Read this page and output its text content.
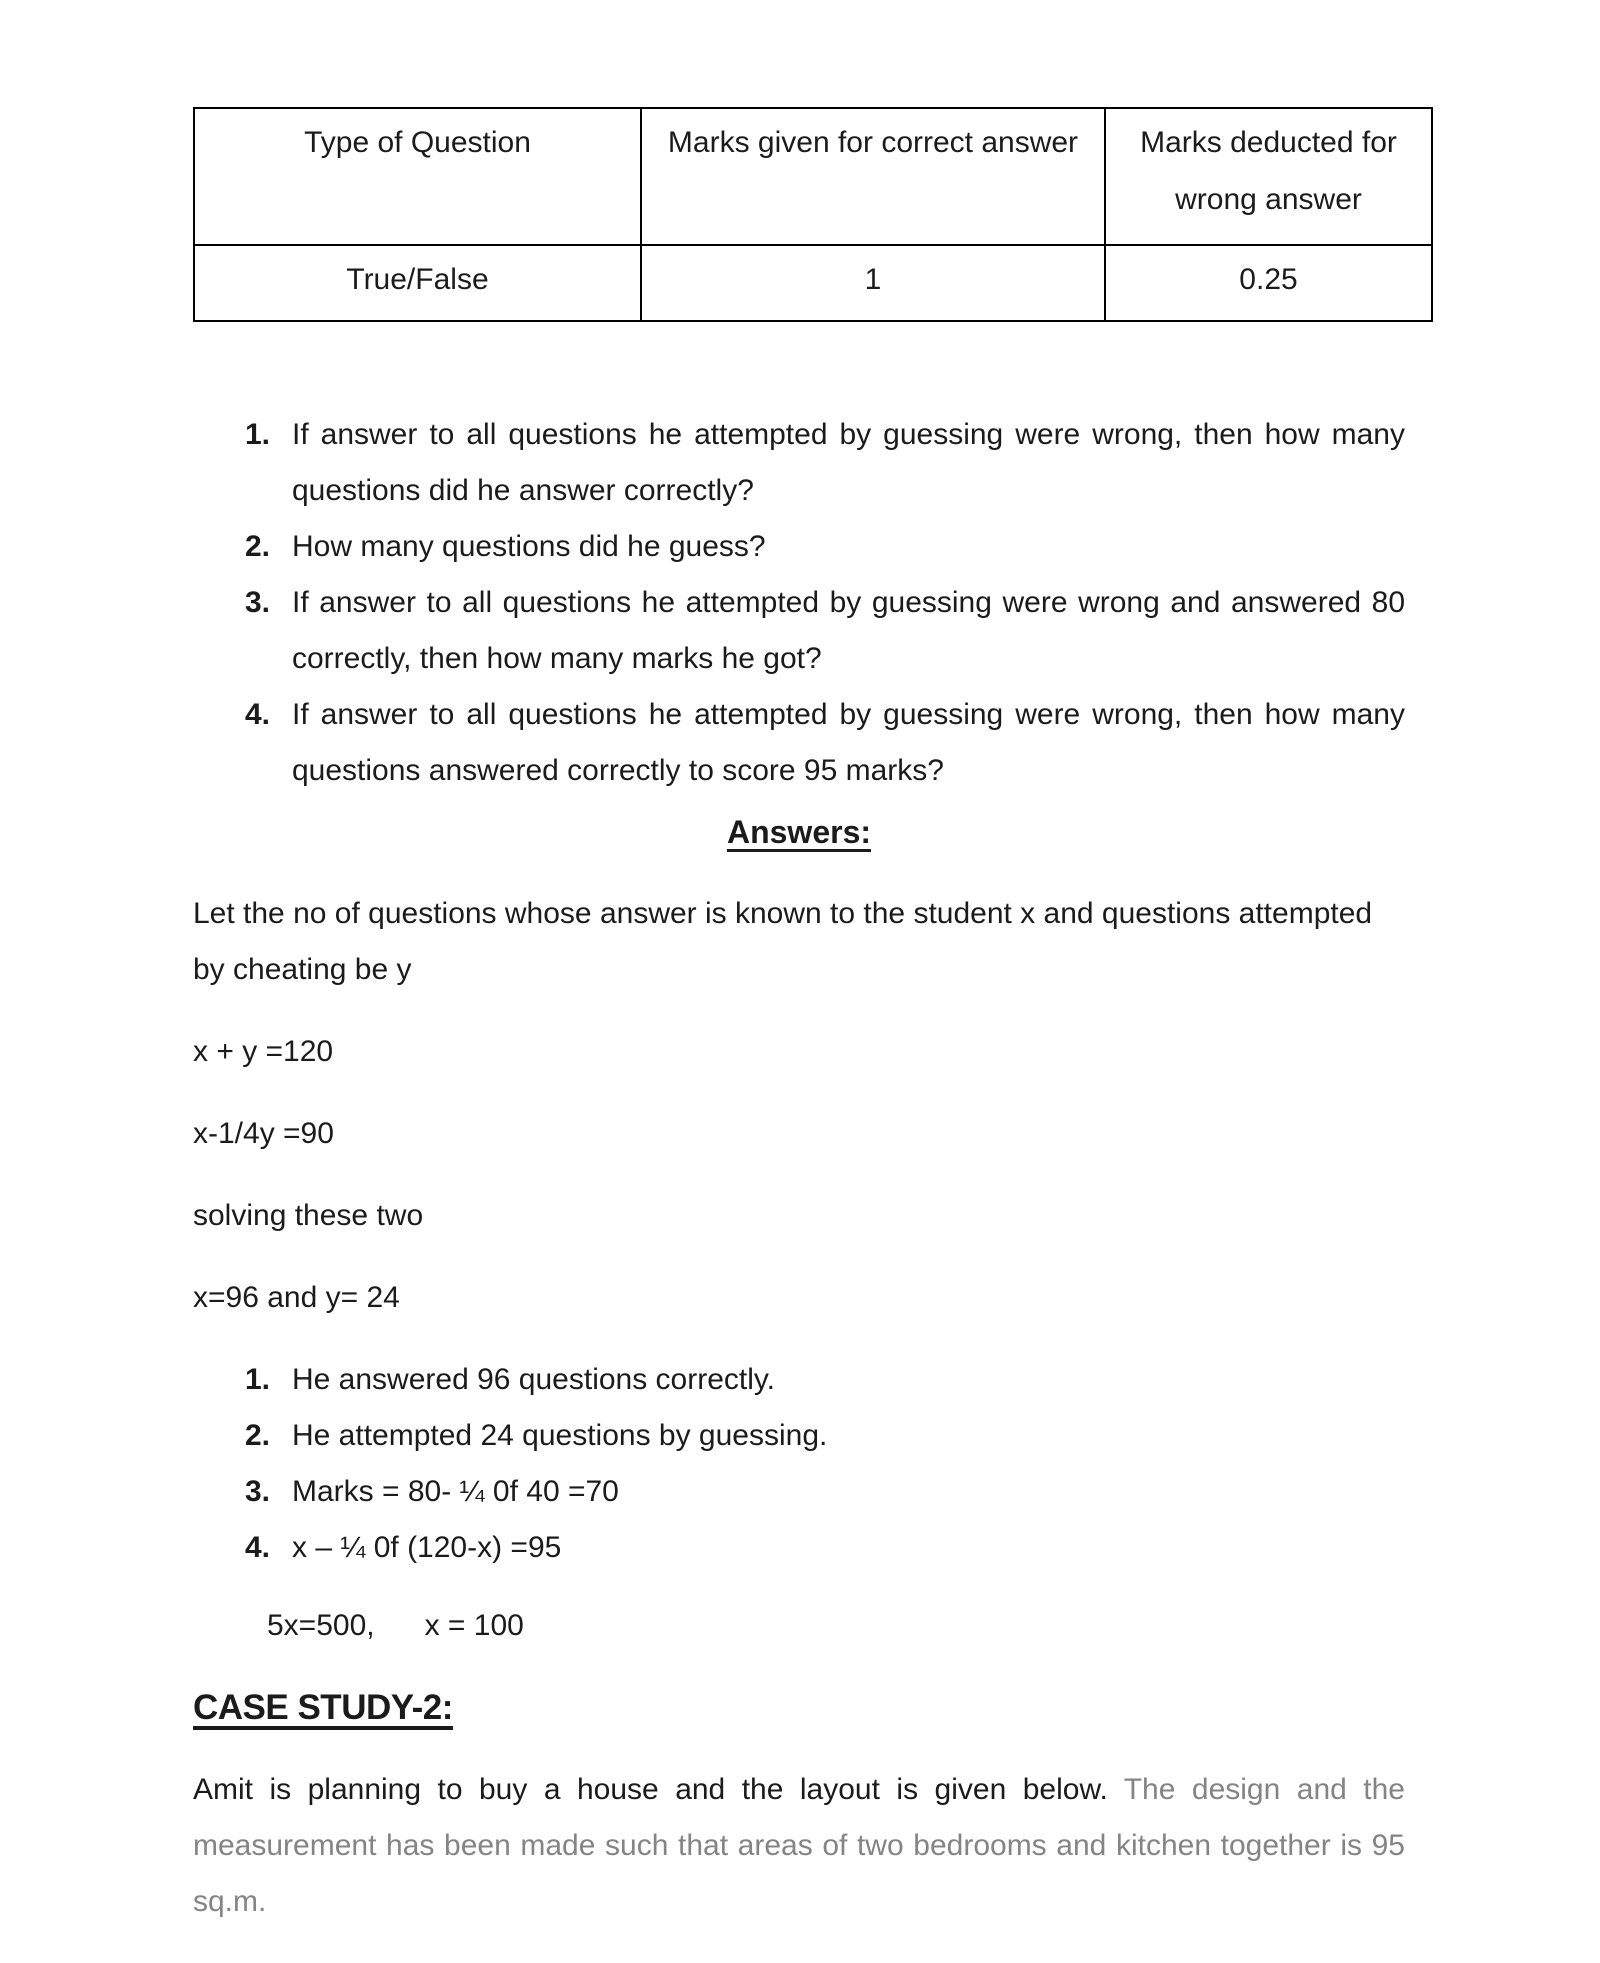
Type of Question	Marks given for correct answer	Marks deducted for wrong answer
True/False	1	0.25
1. If answer to all questions he attempted by guessing were wrong, then how many questions did he answer correctly?
2. How many questions did he guess?
3. If answer to all questions he attempted by guessing were wrong and answered 80 correctly, then how many marks he got?
4. If answer to all questions he attempted by guessing were wrong, then how many questions answered correctly to score 95 marks?
Answers:

Let the no of questions whose answer is known to the student x and questions attempted by cheating be y

x + y =120

x-1/4y =90

solving these two

x=96 and y= 24

1. He answered 96 questions correctly.
2. He attempted 24 questions by guessing.
3. Marks = 80- ¼ 0f 40 =70
4. x – ¼ 0f (120-x) =95

5x=500, x = 100

CASE STUDY-2:

Amit is planning to buy a house and the layout is given below. The design and the measurement has been made such that areas of two bedrooms and kitchen together is 95 sq.m.
